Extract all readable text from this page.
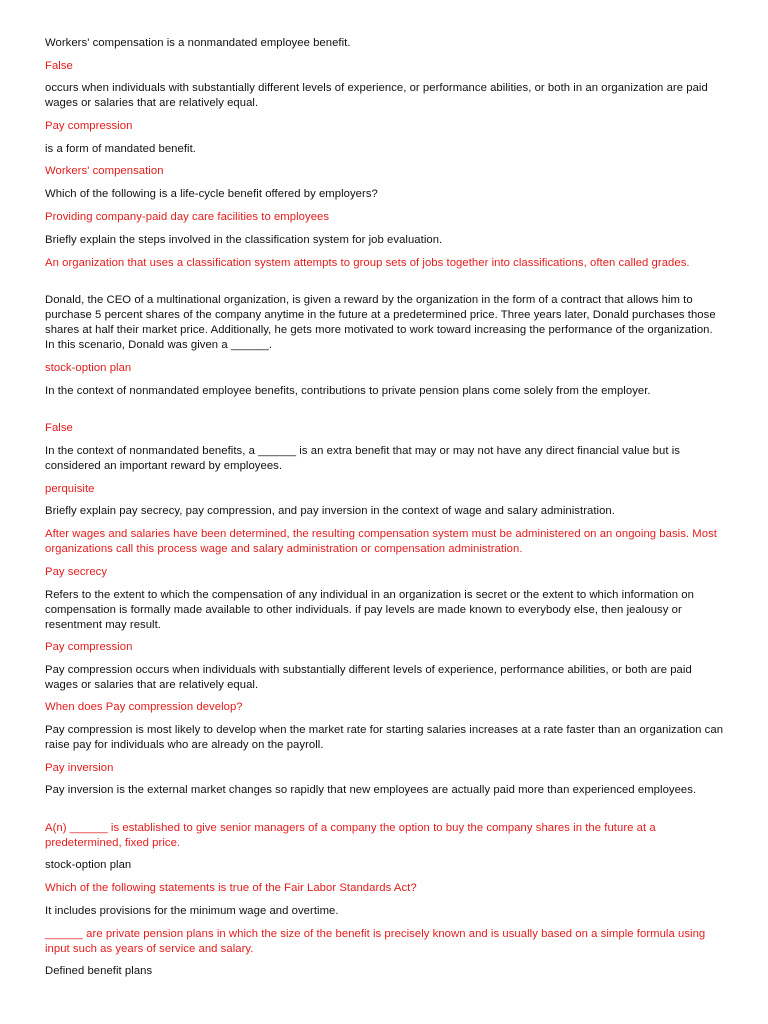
Workers' compensation is a nonmandated employee benefit.
False
occurs when individuals with substantially different levels of experience, or performance abilities, or both in an organization are paid wages or salaries that are relatively equal.
Pay compression
is a form of mandated benefit.
Workers' compensation
Which of the following is a life-cycle benefit offered by employers?
Providing company-paid day care facilities to employees
Briefly explain the steps involved in the classification system for job evaluation.
An organization that uses a classification system attempts to group sets of jobs together into classifications, often called grades.
Donald, the CEO of a multinational organization, is given a reward by the organization in the form of a contract that allows him to purchase 5 percent shares of the company anytime in the future at a predetermined price. Three years later, Donald purchases those shares at half their market price. Additionally, he gets more motivated to work toward increasing the performance of the organization. In this scenario, Donald was given a ______.
stock-option plan
In the context of nonmandated employee benefits, contributions to private pension plans come solely from the employer.
False
In the context of nonmandated benefits, a ______ is an extra benefit that may or may not have any direct financial value but is considered an important reward by employees.
perquisite
Briefly explain pay secrecy, pay compression, and pay inversion in the context of wage and salary administration.
After wages and salaries have been determined, the resulting compensation system must be administered on an ongoing basis. Most organizations call this process wage and salary administration or compensation administration.
Pay secrecy
Refers to the extent to which the compensation of any individual in an organization is secret or the extent to which information on compensation is formally made available to other individuals. if pay levels are made known to everybody else, then jealousy or resentment may result.
Pay compression
Pay compression occurs when individuals with substantially different levels of experience, performance abilities, or both are paid wages or salaries that are relatively equal.
When does Pay compression develop?
Pay compression is most likely to develop when the market rate for starting salaries increases at a rate faster than an organization can raise pay for individuals who are already on the payroll.
Pay inversion
Pay inversion is the external market changes so rapidly that new employees are actually paid more than experienced employees.
A(n) ______ is established to give senior managers of a company the option to buy the company shares in the future at a predetermined, fixed price.
stock-option plan
Which of the following statements is true of the Fair Labor Standards Act?
It includes provisions for the minimum wage and overtime.
______ are private pension plans in which the size of the benefit is precisely known and is usually based on a simple formula using input such as years of service and salary.
Defined benefit plans
